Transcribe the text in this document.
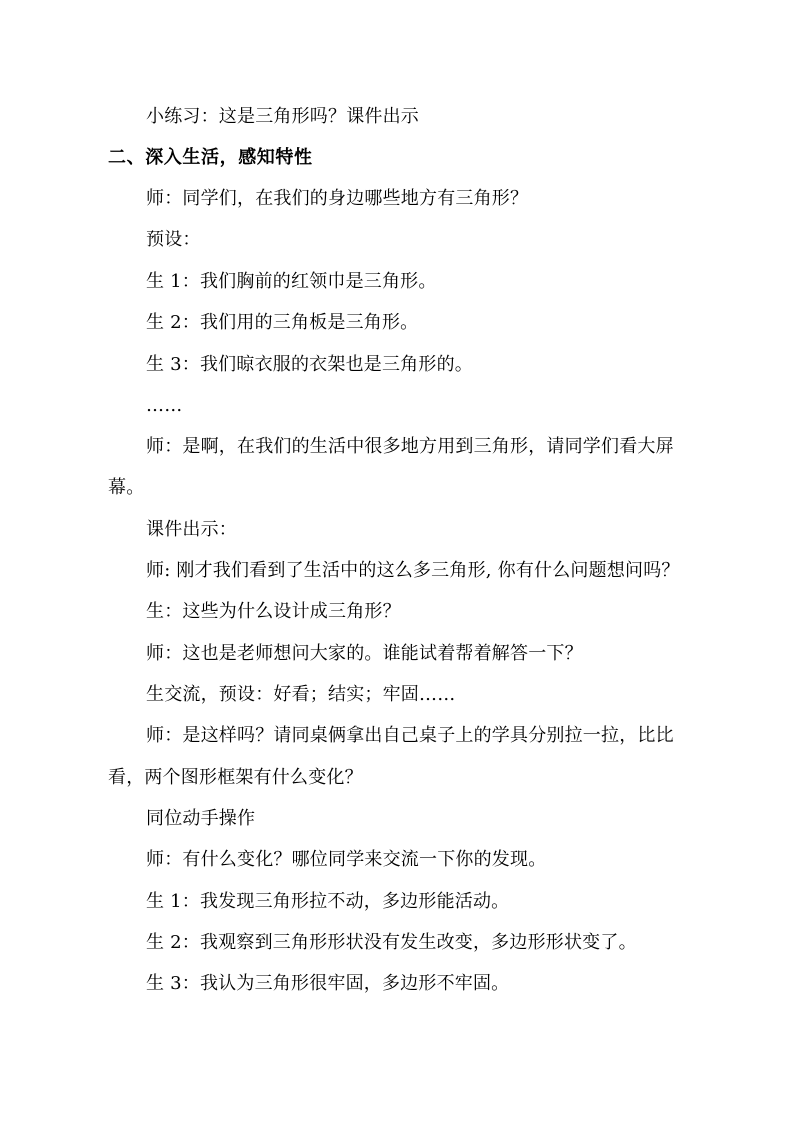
小练习：这是三角形吗？课件出示
二、深入生活，感知特性
师：同学们，在我们的身边哪些地方有三角形？
预设：
生 1：我们胸前的红领巾是三角形。
生 2：我们用的三角板是三角形。
生 3：我们晾衣服的衣架也是三角形的。
……
师：是啊，在我们的生活中很多地方用到三角形，请同学们看大屏
幕。
课件出示：
师: 刚才我们看到了生活中的这么多三角形, 你有什么问题想问吗？
生：这些为什么设计成三角形？
师：这也是老师想问大家的。谁能试着帮着解答一下？
生交流，预设：好看；结实；牢固……
师：是这样吗？请同桌俩拿出自己桌子上的学具分别拉一拉，比比
看，两个图形框架有什么变化？
同位动手操作
师：有什么变化？哪位同学来交流一下你的发现。
生 1：我发现三角形拉不动，多边形能活动。
生 2：我观察到三角形形状没有发生改变，多边形形状变了。
生 3：我认为三角形很牢固，多边形不牢固。
